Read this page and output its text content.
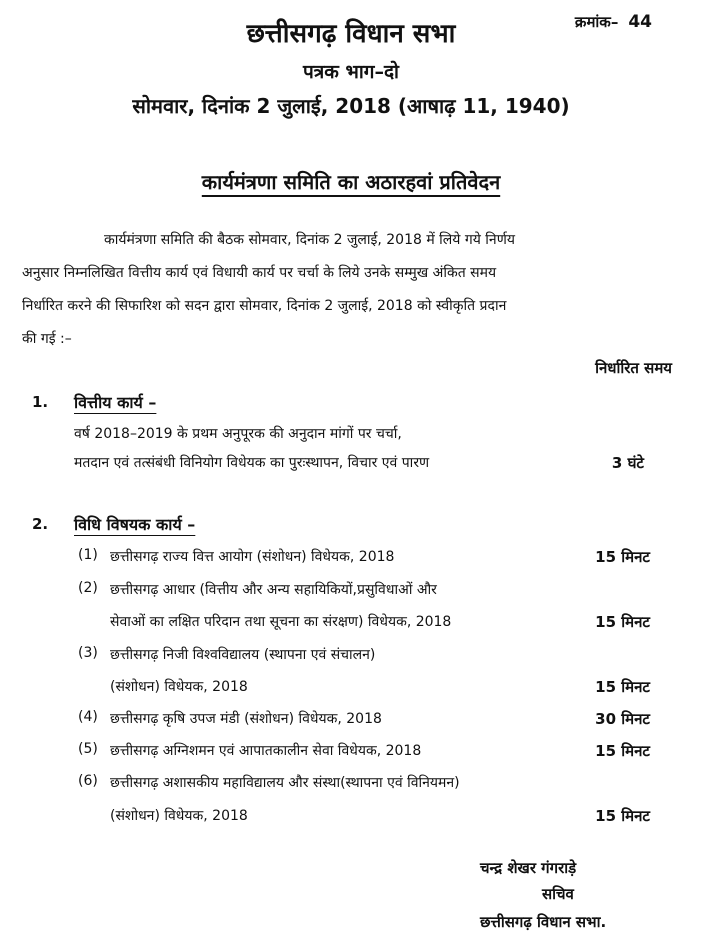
छत्तीसगढ़ विधान सभा	क्रमांक– 44
पत्रक भाग–दो
सोमवार, दिनांक 2 जुलाई, 2018 (आषाढ़ 11, 1940)
कार्यमंत्रणा समिति का अठारहवां प्रतिवेदन
कार्यमंत्रणा समिति की बैठक सोमवार, दिनांक 2 जुलाई, 2018 में लिये गये निर्णय
अनुसार निम्नलिखित वित्तीय कार्य एवं विधायी कार्य पर चर्चा के लिये उनके सम्मुख अंकित समय
निर्धारित करने की सिफारिश को सदन द्वारा सोमवार, दिनांक 2 जुलाई, 2018 को स्वीकृति प्रदान
की गई :–
निर्धारित समय
1. वित्तीय कार्य –
वर्ष 2018–2019 के प्रथम अनुपूरक की अनुदान मांगों पर चर्चा,
मतदान एवं तत्संबंधी विनियोग विधेयक का पुरःस्थापन, विचार एवं पारण	3 घंटे
2. विधि विषयक कार्य –
(1) छत्तीसगढ़ राज्य वित्त आयोग (संशोधन) विधेयक, 2018	15 मिनट
(2) छत्तीसगढ़ आधार (वित्तीय और अन्य सहायिकियों,प्रसुविधाओं और
सेवाओं का लक्षित परिदान तथा सूचना का संरक्षण) विधेयक, 2018	15 मिनट
(3) छत्तीसगढ़ निजी विश्वविद्यालय (स्थापना एवं संचालन)
(संशोधन) विधेयक, 2018	15 मिनट
(4) छत्तीसगढ़ कृषि उपज मंडी (संशोधन) विधेयक, 2018	30 मिनट
(5) छत्तीसगढ़ अग्निशमन एवं आपातकालीन सेवा विधेयक, 2018	15 मिनट
(6) छत्तीसगढ़ अशासकीय महाविद्यालय और संस्था(स्थापना एवं विनियमन)
(संशोधन) विधेयक, 2018	15 मिनट
चन्द्र शेखर गंगराड़े
सचिव
छत्तीसगढ़ विधान सभा.
